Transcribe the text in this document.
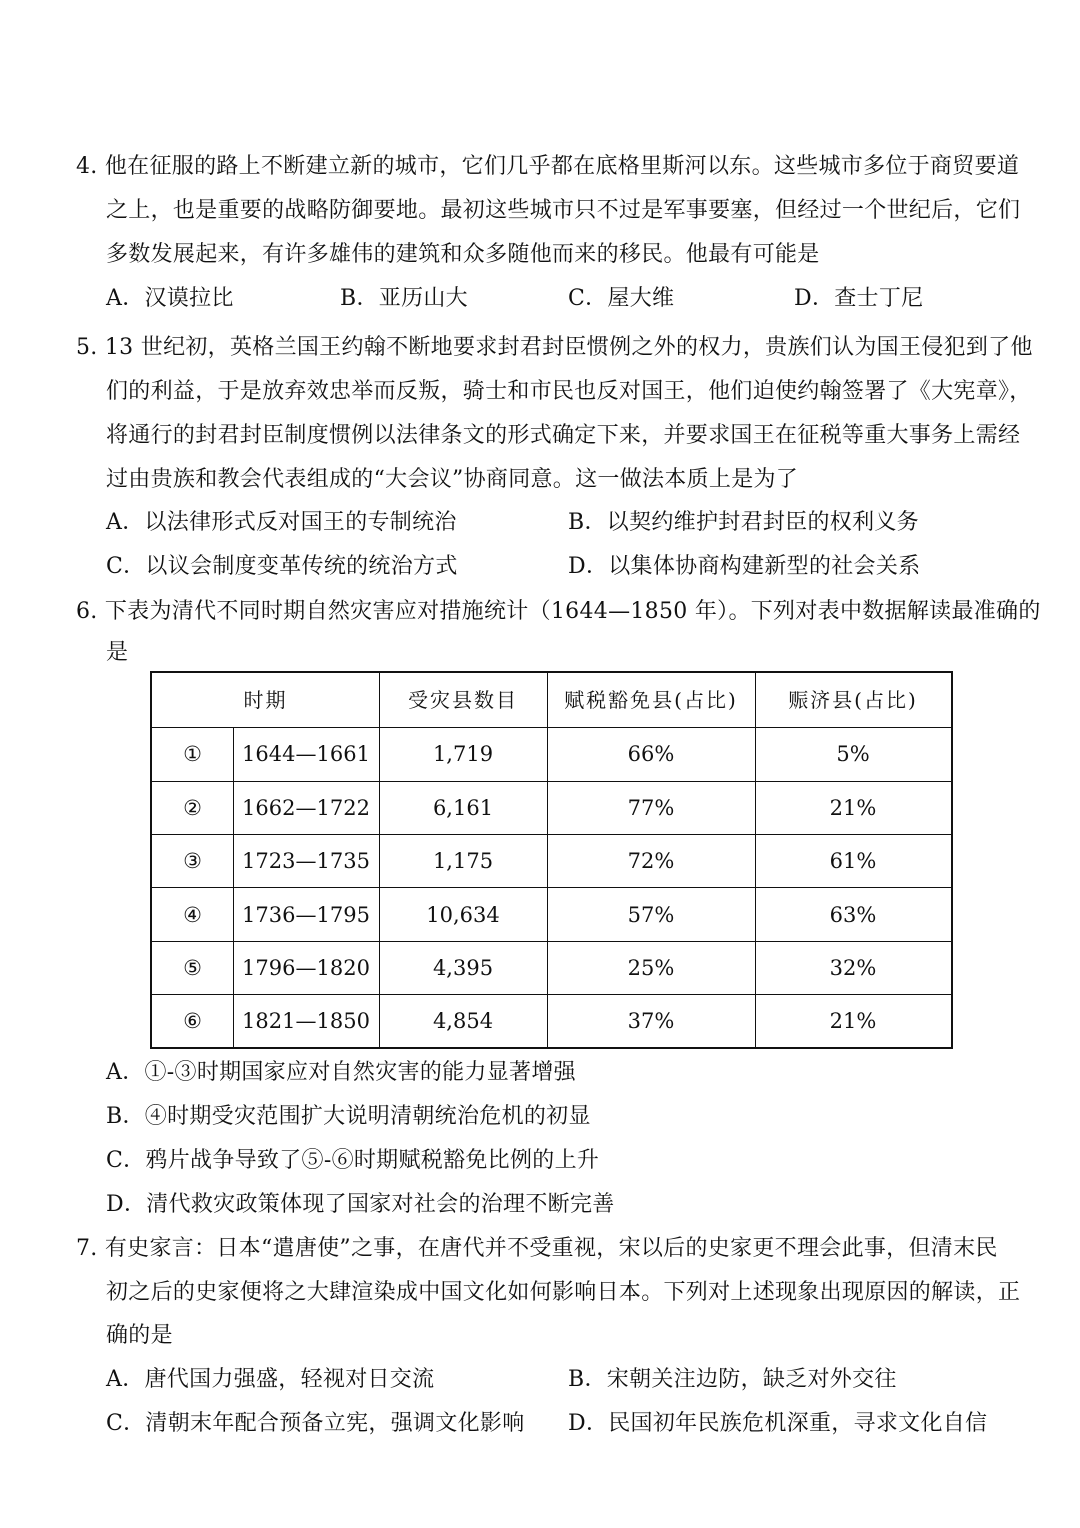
4. 他在征服的路上不断建立新的城市，它们几乎都在底格里斯河以东。这些城市多位于商贸要道
之上，也是重要的战略防御要地。最初这些城市只不过是军事要塞，但经过一个世纪后，它们
多数发展起来，有许多雄伟的建筑和众多随他而来的移民。他最有可能是
A．汉谟拉比	B．亚历山大	C．屋大维	D．查士丁尼
5. 13 世纪初，英格兰国王约翰不断地要求封君封臣惯例之外的权力，贵族们认为国王侵犯到了他
们的利益，于是放弃效忠举而反叛，骑士和市民也反对国王，他们迫使约翰签署了《大宪章》，
将通行的封君封臣制度惯例以法律条文的形式确定下来，并要求国王在征税等重大事务上需经
过由贵族和教会代表组成的“大会议”协商同意。这一做法本质上是为了
A．以法律形式反对国王的专制统治	B．以契约维护封君封臣的权利义务
C．以议会制度变革传统的统治方式	D．以集体协商构建新型的社会关系
6. 下表为清代不同时期自然灾害应对措施统计（1644—1850 年）。下列对表中数据解读最准确的
是
时期	受灾县数目	赋税豁免县(占比)	赈济县(占比)
①	1644—1661	1,719	66%	5%
②	1662—1722	6,161	77%	21%
③	1723—1735	1,175	72%	61%
④	1736—1795	10,634	57%	63%
⑤	1796—1820	4,395	25%	32%
⑥	1821—1850	4,854	37%	21%
A．①-③时期国家应对自然灾害的能力显著增强
B．④时期受灾范围扩大说明清朝统治危机的初显
C．鸦片战争导致了⑤-⑥时期赋税豁免比例的上升
D．清代救灾政策体现了国家对社会的治理不断完善
7. 有史家言：日本“遣唐使”之事，在唐代并不受重视，宋以后的史家更不理会此事，但清末民
初之后的史家便将之大肆渲染成中国文化如何影响日本。下列对上述现象出现原因的解读，正
确的是
A．唐代国力强盛，轻视对日交流	B．宋朝关注边防，缺乏对外交往
C．清朝末年配合预备立宪，强调文化影响 D．民国初年民族危机深重，寻求文化自信
